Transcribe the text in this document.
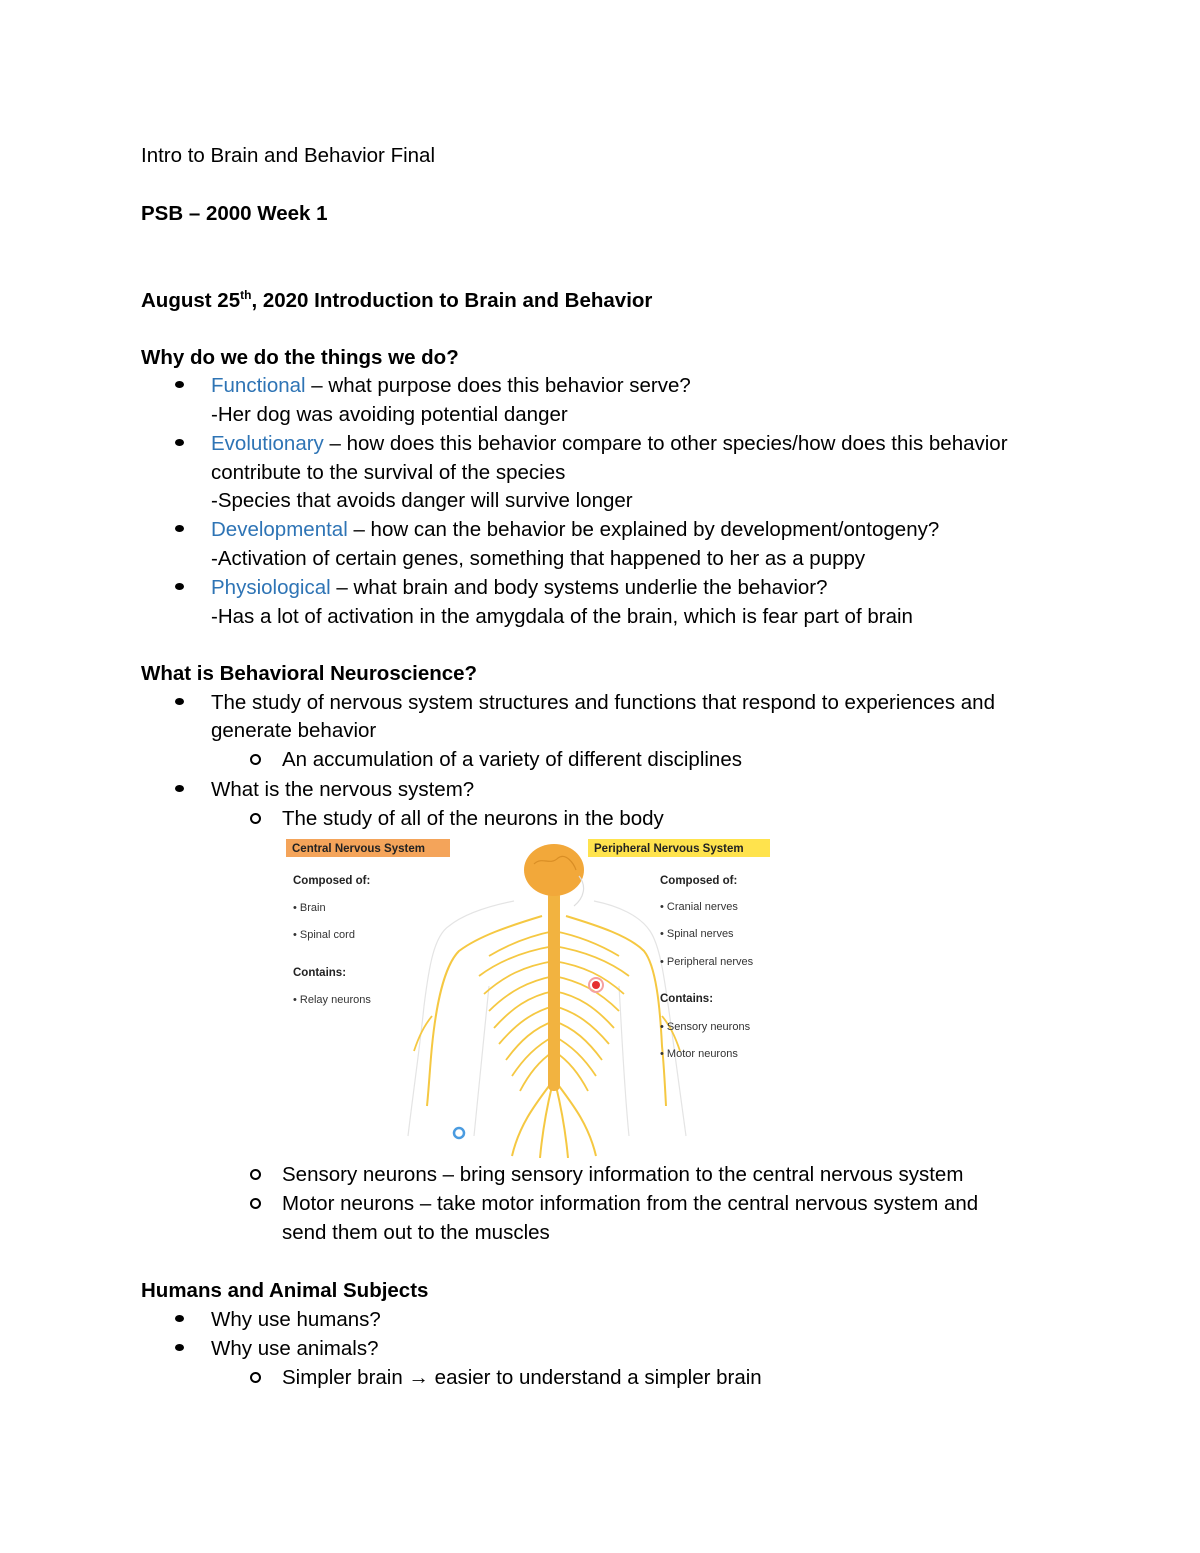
Intro to Brain and Behavior Final
PSB – 2000 Week 1
August 25th, 2020 Introduction to Brain and Behavior
Why do we do the things we do?
Functional – what purpose does this behavior serve?
-Her dog was avoiding potential danger
Evolutionary – how does this behavior compare to other species/how does this behavior
contribute to the survival of the species
-Species that avoids danger will survive longer
Developmental – how can the behavior be explained by development/ontogeny?
-Activation of certain genes, something that happened to her as a puppy
Physiological – what brain and body systems underlie the behavior?
-Has a lot of activation in the amygdala of the brain, which is fear part of brain
What is Behavioral Neuroscience?
The study of nervous system structures and functions that respond to experiences and
generate behavior
An accumulation of a variety of different disciplines
What is the nervous system?
The study of all of the neurons in the body
Central Nervous System
Composed of:
• Brain
• Spinal cord
Contains:
• Relay neurons
Peripheral Nervous System
Composed of:
• Cranial nerves
• Spinal nerves
• Peripheral nerves
Contains:
• Sensory neurons
• Motor neurons
Sensory neurons – bring sensory information to the central nervous system
Motor neurons – take motor information from the central nervous system and
send them out to the muscles
Humans and Animal Subjects
Why use humans?
Why use animals?
Simpler brain → easier to understand a simpler brain
